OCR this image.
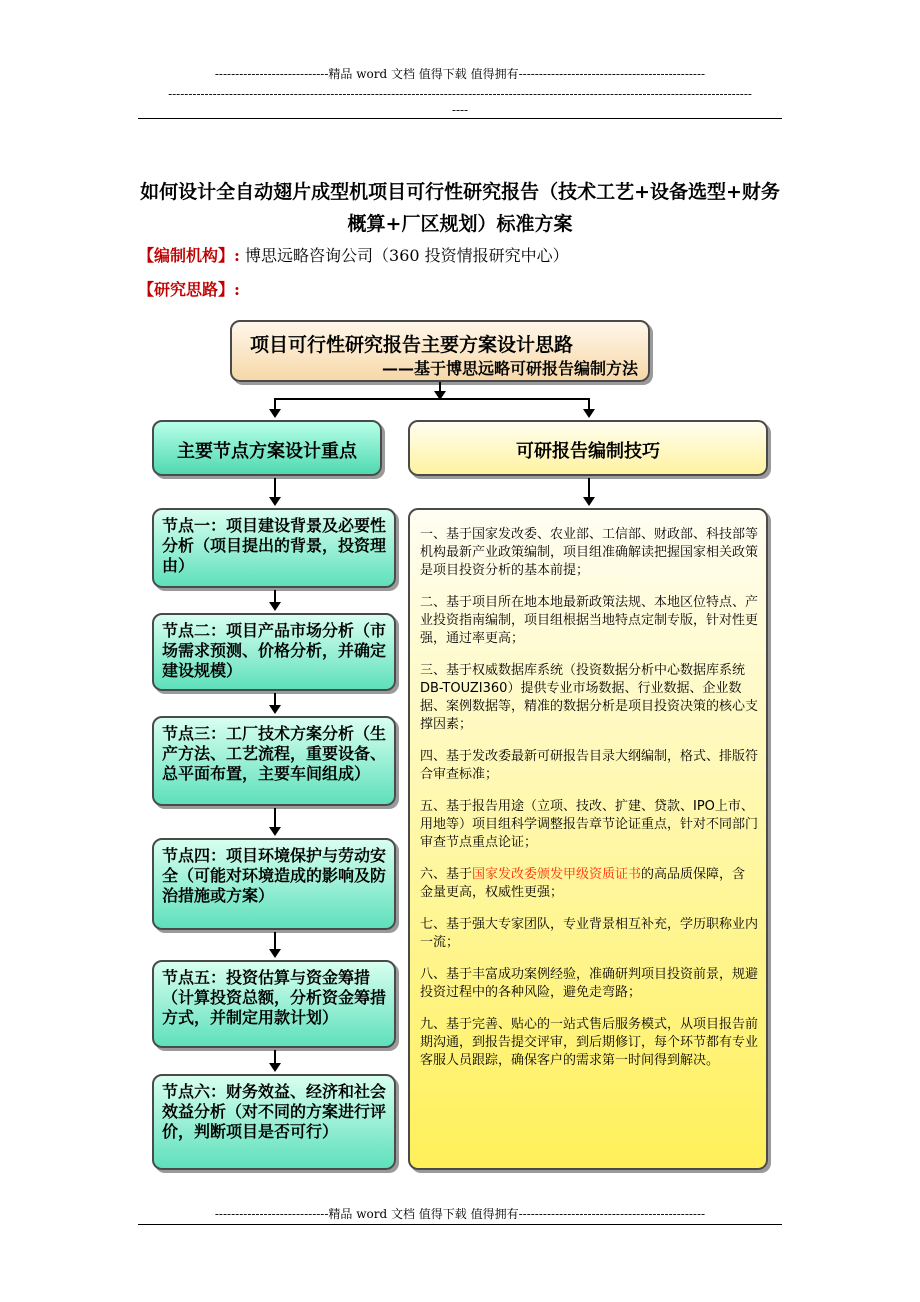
----------------------------精品 word 文档 值得下载 值得拥有----------------------------------------------
------------------------------------------------------------------------------------------------------------------------------------------------
----
如何设计全自动翅片成型机项目可行性研究报告（技术工艺+设备选型+财务概算+厂区规划）标准方案
【编制机构】: 博思远略咨询公司（360 投资情报研究中心）
【研究思路】:
项目可行性研究报告主要方案设计思路
——基于博思远略可研报告编制方法
主要节点方案设计重点	可研报告编制技巧
节点一：项目建设背景及必要性分析（项目提出的背景，投资理由）
节点二：项目产品市场分析（市场需求预测、价格分析，并确定建设规模）
节点三：工厂技术方案分析（生产方法、工艺流程，重要设备、总平面布置，主要车间组成）
节点四：项目环境保护与劳动安全（可能对环境造成的影响及防治措施或方案）
节点五：投资估算与资金筹措（计算投资总额，分析资金筹措方式，并制定用款计划）
节点六：财务效益、经济和社会效益分析（对不同的方案进行评价，判断项目是否可行）
一、基于国家发改委、农业部、工信部、财政部、科技部等机构最新产业政策编制，项目组准确解读把握国家相关政策是项目投资分析的基本前提；
二、基于项目所在地本地最新政策法规、本地区位特点、产业投资指南编制，项目组根据当地特点定制专版，针对性更强，通过率更高；
三、基于权威数据库系统（投资数据分析中心数据库系统DB-TOUZI360）提供专业市场数据、行业数据、企业数据、案例数据等，精准的数据分析是项目投资决策的核心支撑因素；
四、基于发改委最新可研报告目录大纲编制，格式、排版符合审查标准；
五、基于报告用途（立项、技改、扩建、贷款、IPO上市、用地等）项目组科学调整报告章节论证重点，针对不同部门审查节点重点论证；
六、基于国家发改委颁发甲级资质证书的高品质保障，含金量更高，权威性更强；
七、基于强大专家团队，专业背景相互补充，学历职称业内一流；
八、基于丰富成功案例经验，准确研判项目投资前景，规避投资过程中的各种风险，避免走弯路；
九、基于完善、贴心的一站式售后服务模式，从项目报告前期沟通，到报告提交评审，到后期修订，每个环节都有专业客服人员跟踪，确保客户的需求第一时间得到解决。
----------------------------精品 word 文档 值得下载 值得拥有----------------------------------------------
